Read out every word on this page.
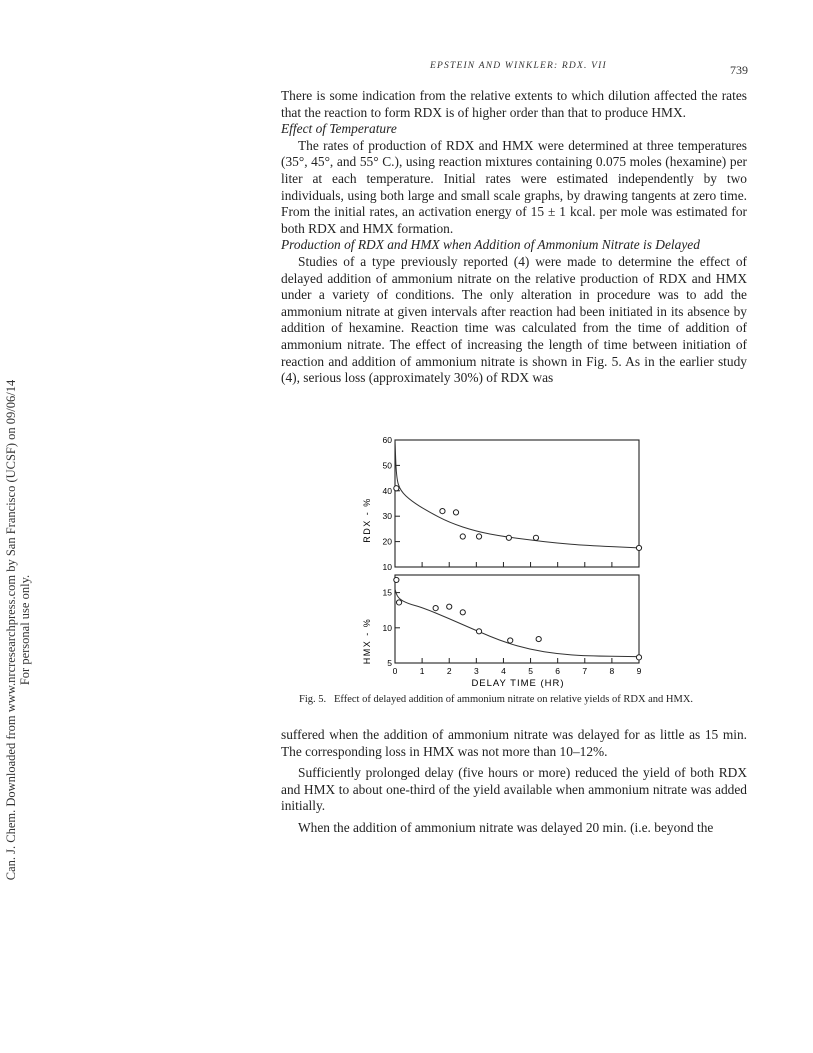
EPSTEIN AND WINKLER: RDX. VII	739
Can. J. Chem. Downloaded from www.nrcresearchpress.com by San Francisco (UCSF) on 09/06/14 For personal use only.

There is some indication from the relative extents to which dilution affected the rates that the reaction to form RDX is of higher order than that to produce HMX.

Effect of Temperature

The rates of production of RDX and HMX were determined at three temperatures (35°, 45°, and 55° C.), using reaction mixtures containing 0.075 moles (hexamine) per liter at each temperature. Initial rates were estimated independently by two individuals, using both large and small scale graphs, by drawing tangents at zero time. From the initial rates, an activation energy of 15 ± 1 kcal. per mole was estimated for both RDX and HMX formation.

Production of RDX and HMX when Addition of Ammonium Nitrate is Delayed

Studies of a type previously reported (4) were made to determine the effect of delayed addition of ammonium nitrate on the relative production of RDX and HMX under a variety of conditions. The only alteration in procedure was to add the ammonium nitrate at given intervals after reaction had been initiated in its absence by addition of hexamine. Reaction time was calculated from the time of addition of ammonium nitrate. The effect of increasing the length of time between initiation of reaction and addition of ammonium nitrate is shown in Fig. 5. As in the earlier study (4), serious loss (approximately 30%) of RDX was

10
20
30
40
50
60
RDX - %
5
10
15
0	1	2	3	4	5	6	7	8	9
HMX - %
DELAY TIME (HR)
Fig. 5. Effect of delayed addition of ammonium nitrate on relative yields of RDX and HMX.

suffered when the addition of ammonium nitrate was delayed for as little as 15 min. The corresponding loss in HMX was not more than 10–12%.

Sufficiently prolonged delay (five hours or more) reduced the yield of both RDX and HMX to about one-third of the yield available when ammonium nitrate was added initially.

When the addition of ammonium nitrate was delayed 20 min. (i.e. beyond the
